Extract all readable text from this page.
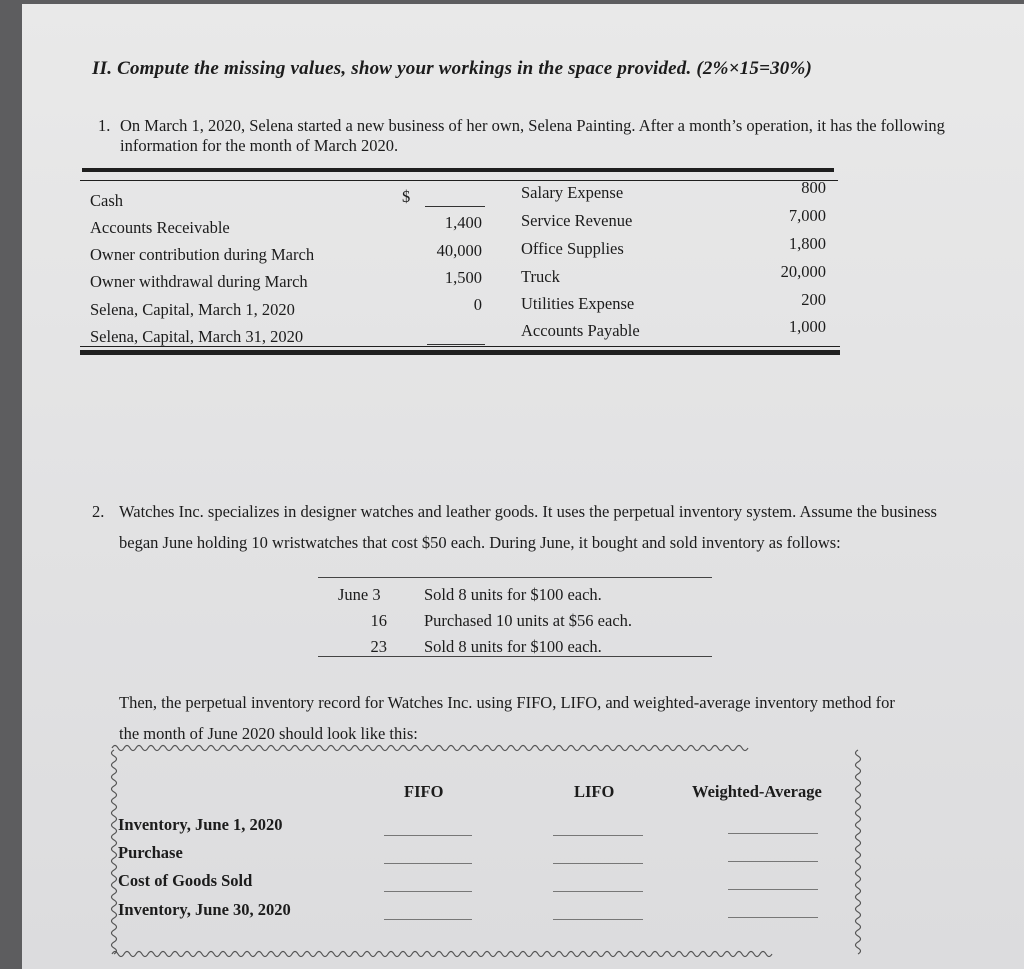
II. Compute the missing values, show your workings in the space provided. (2%×15=30%)
1. On March 1, 2020, Selena started a new business of her own, Selena Painting. After a month’s operation, it has the following information for the month of March 2020.
Cash
Accounts Receivable
Owner contribution during March
Owner withdrawal during March
Selena, Capital, March 1, 2020
Selena, Capital, March 31, 2020
$
1,400
40,000
1,500
0
Salary Expense
Service Revenue
Office Supplies
Truck
Utilities Expense
Accounts Payable
800
7,000
1,800
20,000
200
1,000
2. Watches Inc. specializes in designer watches and leather goods. It uses the perpetual inventory system. Assume the business began June holding 10 wristwatches that cost $50 each. During June, it bought and sold inventory as follows:
June 3
16
23
Sold 8 units for $100 each.
Purchased 10 units at $56 each.
Sold 8 units for $100 each.
Then, the perpetual inventory record for Watches Inc. using FIFO, LIFO, and weighted-average inventory method for the month of June 2020 should look like this:
FIFO	LIFO	Weighted-Average
Inventory, June 1, 2020
Purchase
Cost of Goods Sold
Inventory, June 30, 2020
